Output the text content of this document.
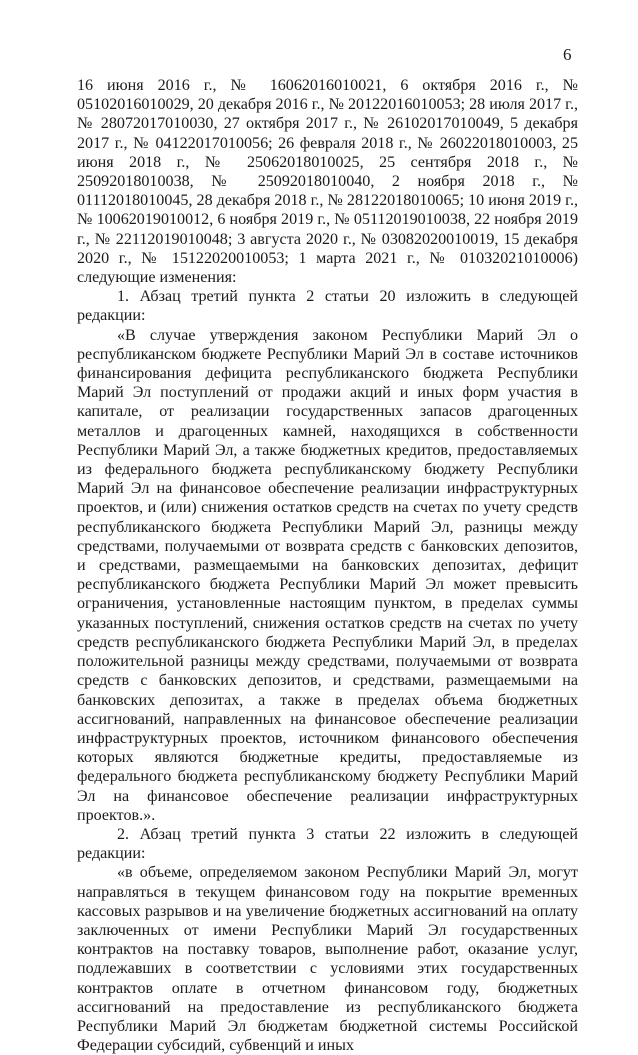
6

16 июня 2016 г., № 16062016010021, 6 октября 2016 г., № 05102016010029, 20 декабря 2016 г., № 20122016010053; 28 июля 2017 г., № 28072017010030, 27 октября 2017 г., № 26102017010049, 5 декабря 2017 г., № 04122017010056; 26 февраля 2018 г., № 26022018010003, 25 июня 2018 г., № 25062018010025, 25 сентября 2018 г., № 25092018010038, № 25092018010040, 2 ноября 2018 г., № 01112018010045, 28 декабря 2018 г., № 28122018010065; 10 июня 2019 г., № 10062019010012, 6 ноября 2019 г., № 05112019010038, 22 ноября 2019 г., № 22112019010048; 3 августа 2020 г., № 03082020010019, 15 декабря 2020 г., № 15122020010053; 1 марта 2021 г., № 01032021010006) следующие изменения:

1. Абзац третий пункта 2 статьи 20 изложить в следующей редакции:

«В случае утверждения законом Республики Марий Эл о республиканском бюджете Республики Марий Эл в составе источников финансирования дефицита республиканского бюджета Республики Марий Эл поступлений от продажи акций и иных форм участия в капитале, от реализации государственных запасов драгоценных металлов и драгоценных камней, находящихся в собственности Республики Марий Эл, а также бюджетных кредитов, предоставляемых из федерального бюджета республиканскому бюджету Республики Марий Эл на финансовое обеспечение реализации инфраструктурных проектов, и (или) снижения остатков средств на счетах по учету средств республиканского бюджета Республики Марий Эл, разницы между средствами, получаемыми от возврата средств с банковских депозитов, и средствами, размещаемыми на банковских депозитах, дефицит республиканского бюджета Республики Марий Эл может превысить ограничения, установленные настоящим пунктом, в пределах суммы указанных поступлений, снижения остатков средств на счетах по учету средств республиканского бюджета Республики Марий Эл, в пределах положительной разницы между средствами, получаемыми от возврата средств с банковских депозитов, и средствами, размещаемыми на банковских депозитах, а также в пределах объема бюджетных ассигнований, направленных на финансовое обеспечение реализации инфраструктурных проектов, источником финансового обеспечения которых являются бюджетные кредиты, предоставляемые из федерального бюджета республиканскому бюджету Республики Марий Эл на финансовое обеспечение реализации инфраструктурных проектов.».

2. Абзац третий пункта 3 статьи 22 изложить в следующей редакции:

«в объеме, определяемом законом Республики Марий Эл, могут направляться в текущем финансовом году на покрытие временных кассовых разрывов и на увеличение бюджетных ассигнований на оплату заключенных от имени Республики Марий Эл государственных контрактов на поставку товаров, выполнение работ, оказание услуг, подлежавших в соответствии с условиями этих государственных контрактов оплате в отчетном финансовом году, бюджетных ассигнований на предоставление из республиканского бюджета Республики Марий Эл бюджетам бюджетной системы Российской Федерации субсидий, субвенций и иных
